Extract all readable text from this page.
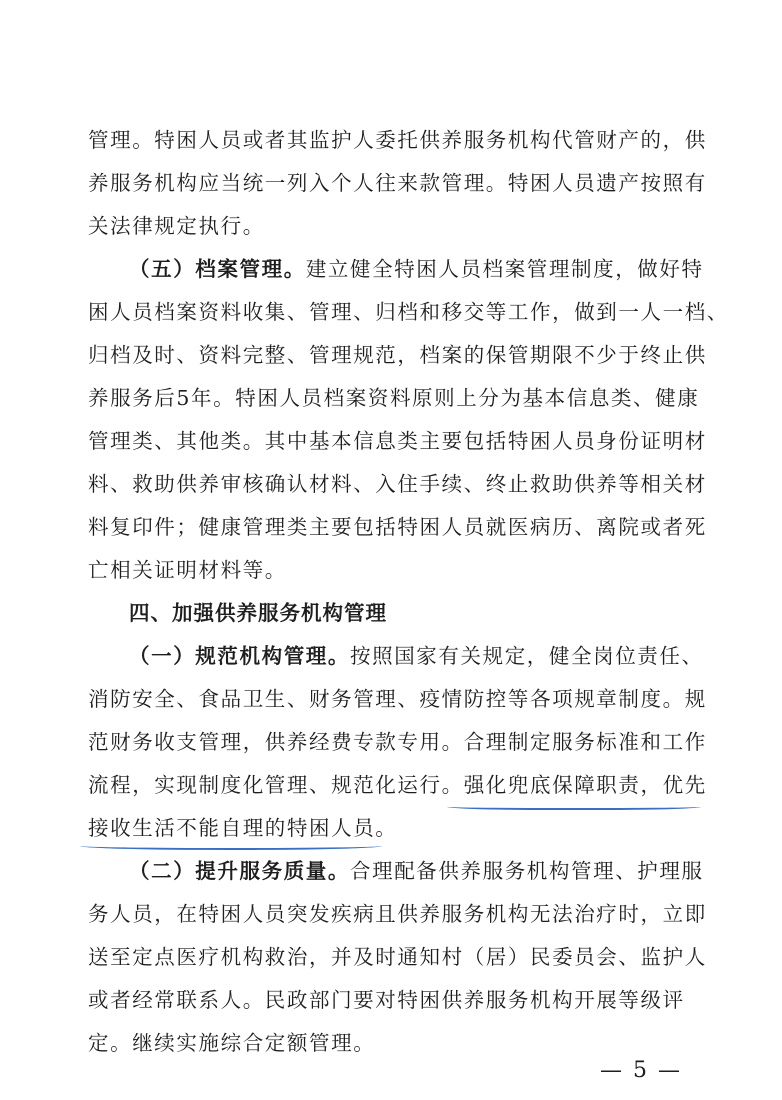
管理。特困人员或者其监护人委托供养服务机构代管财产的，供
养服务机构应当统一列入个人往来款管理。特困人员遗产按照有
关法律规定执行。
（五）档案管理。建立健全特困人员档案管理制度，做好特
困人员档案资料收集、管理、归档和移交等工作，做到一人一档、
归档及时、资料完整、管理规范，档案的保管期限不少于终止供
养服务后5年。特困人员档案资料原则上分为基本信息类、健康
管理类、其他类。其中基本信息类主要包括特困人员身份证明材
料、救助供养审核确认材料、入住手续、终止救助供养等相关材
料复印件；健康管理类主要包括特困人员就医病历、离院或者死
亡相关证明材料等。
四、加强供养服务机构管理
（一）规范机构管理。按照国家有关规定，健全岗位责任、
消防安全、食品卫生、财务管理、疫情防控等各项规章制度。规
范财务收支管理，供养经费专款专用。合理制定服务标准和工作
流程，实现制度化管理、规范化运行。强化兜底保障职责，优先
接收生活不能自理的特困人员。
（二）提升服务质量。合理配备供养服务机构管理、护理服
务人员，在特困人员突发疾病且供养服务机构无法治疗时，立即
送至定点医疗机构救治，并及时通知村（居）民委员会、监护人
或者经常联系人。民政部门要对特困供养服务机构开展等级评
定。继续实施综合定额管理。
— 5 —
